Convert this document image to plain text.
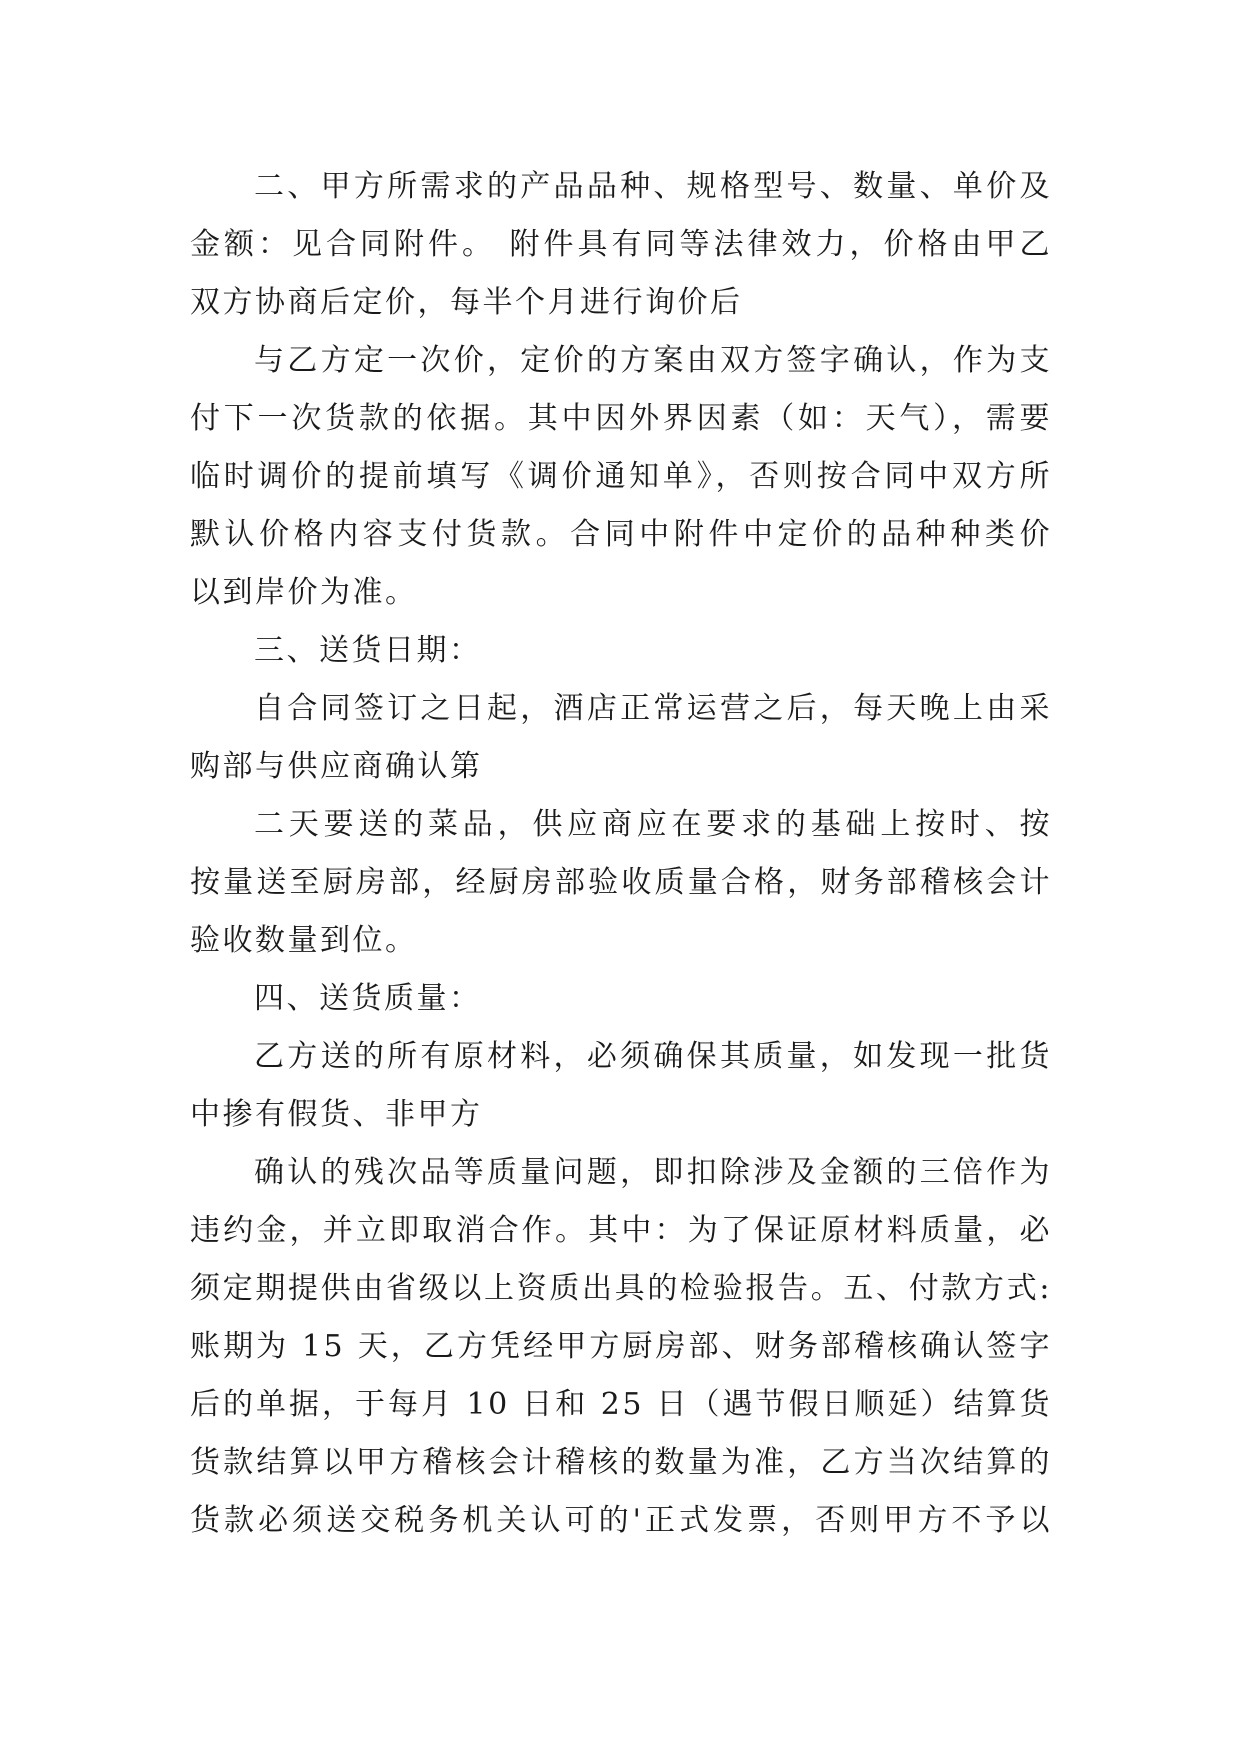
二、甲方所需求的产品品种、规格型号、数量、单价及
金额：见合同附件。 附件具有同等法律效力，价格由甲乙
双方协商后定价，每半个月进行询价后
与乙方定一次价，定价的方案由双方签字确认，作为支
付下一次货款的依据。其中因外界因素（如：天气），需要
临时调价的提前填写《调价通知单》，否则按合同中双方所
默认价格内容支付货款。合同中附件中定价的品种种类价
以到岸价为准。
三、送货日期：
自合同签订之日起，酒店正常运营之后，每天晚上由采
购部与供应商确认第
二天要送的菜品，供应商应在要求的基础上按时、按
按量送至厨房部，经厨房部验收质量合格，财务部稽核会计
验收数量到位。
四、送货质量：
乙方送的所有原材料，必须确保其质量，如发现一批货
中掺有假货、非甲方
确认的残次品等质量问题，即扣除涉及金额的三倍作为
违约金，并立即取消合作。其中：为了保证原材料质量，必
须定期提供由省级以上资质出具的检验报告。五、付款方式:
账期为 15 天，乙方凭经甲方厨房部、财务部稽核确认签字
后的单据，于每月 10 日和 25 日（遇节假日顺延）结算货
货款结算以甲方稽核会计稽核的数量为准，乙方当次结算的
货款必须送交税务机关认可的'正式发票，否则甲方不予以
